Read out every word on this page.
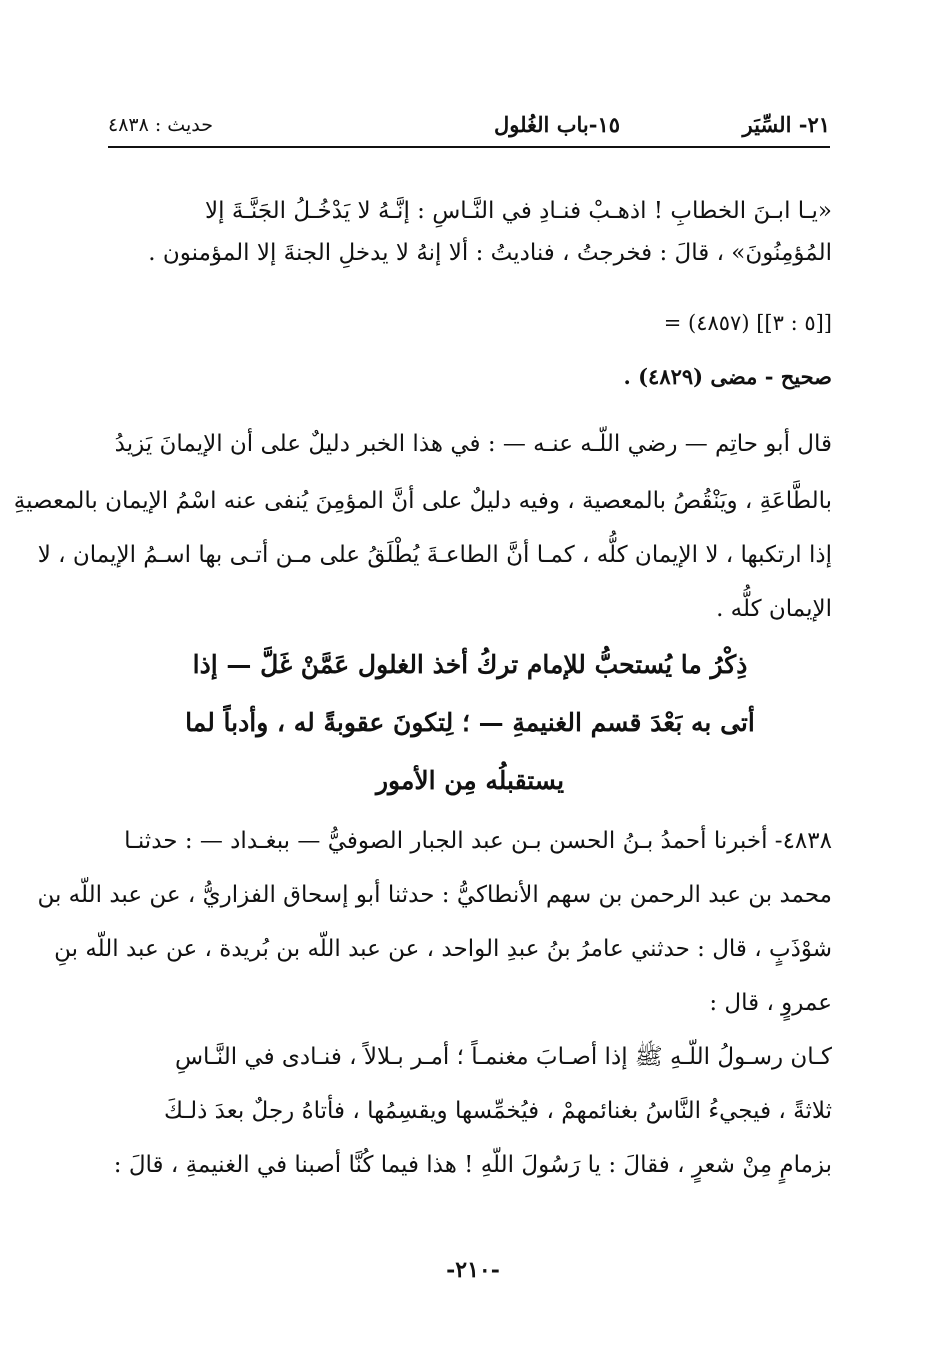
٢١- السِّيَر
١٥-باب الغُلول
حديث : ٤٨٣٨
«يـا ابـنَ الخطابِ ! اذهـبْ فنـادِ في النَّـاسِ : إنَّـهُ لا يَدْخُـلُ الجَنَّـةَ إلا
المُؤمِنُونَ» ، قالَ : فخرجتُ ، فناديتُ : ألا إنهُ لا يدخلِ الجنةَ إلا المؤمنون .
= (٤٨٥٧) [[٥ : ٣]]
صحيح - مضى (٤٨٢٩) .
قال أبو حاتِم — رضي اللّـه عنـه — : في هذا الخبر دليلٌ على أن الإيمانَ يَزيدُ
بالطَّاعَةِ ، ويَنْقُصُ بالمعصية ، وفيه دليلٌ على أنَّ المؤمِنَ يُنفى عنه اسْمُ الإيمان بالمعصيةِ
إذا ارتكبها ، لا الإيمان كلُّه ، كمـا أنَّ الطاعـةَ يُطْلَقُ على مـن أتـى بها اسـمُ الإيمان ، لا
الإيمان كلُّه .
ذِكْرُ ما يُستحبُّ للإمام تركُ أخذ الغلول عَمَّنْ غَلَّ — إذا
أتى به بَعْدَ قسم الغنيمةِ — ؛ لِتكونَ عقوبةً له ، وأدباً لما
يستقبلُه مِن الأمور
٤٨٣٨- أخبرنا أحمدُ بـنُ الحسن بـن عبد الجبار الصوفيُّ — ببغـداد — : حدثنـا
محمد بن عبد الرحمن بن سهم الأنطاكيُّ : حدثنا أبو إسحاق الفزاريُّ ، عن عبد اللّه بن
شوْذَبٍ ، قال : حدثني عامرُ بنُ عبدِ الواحد ، عن عبد اللّه بن بُريدة ، عن عبد اللّه بنِ
عمروٍ ، قال :
كـان رسـولُ اللّـهِ ﷺ إذا أصـابَ مغنمـاً ؛ أمـر بـلالاً ، فنـادى في النَّـاسِ
ثلاثةً ، فيجيءُ النَّاسُ بغنائمهمْ ، فيُخمِّسها ويقسِمُها ، فأتاهُ رجلٌ بعدَ ذلـكَ
بزمامٍ مِنْ شعرٍ ، فقالَ : يا رَسُولَ اللّهِ ! هذا فيما كُنَّا أصبنا في الغنيمةِ ، قالَ :
-٢١٠-
